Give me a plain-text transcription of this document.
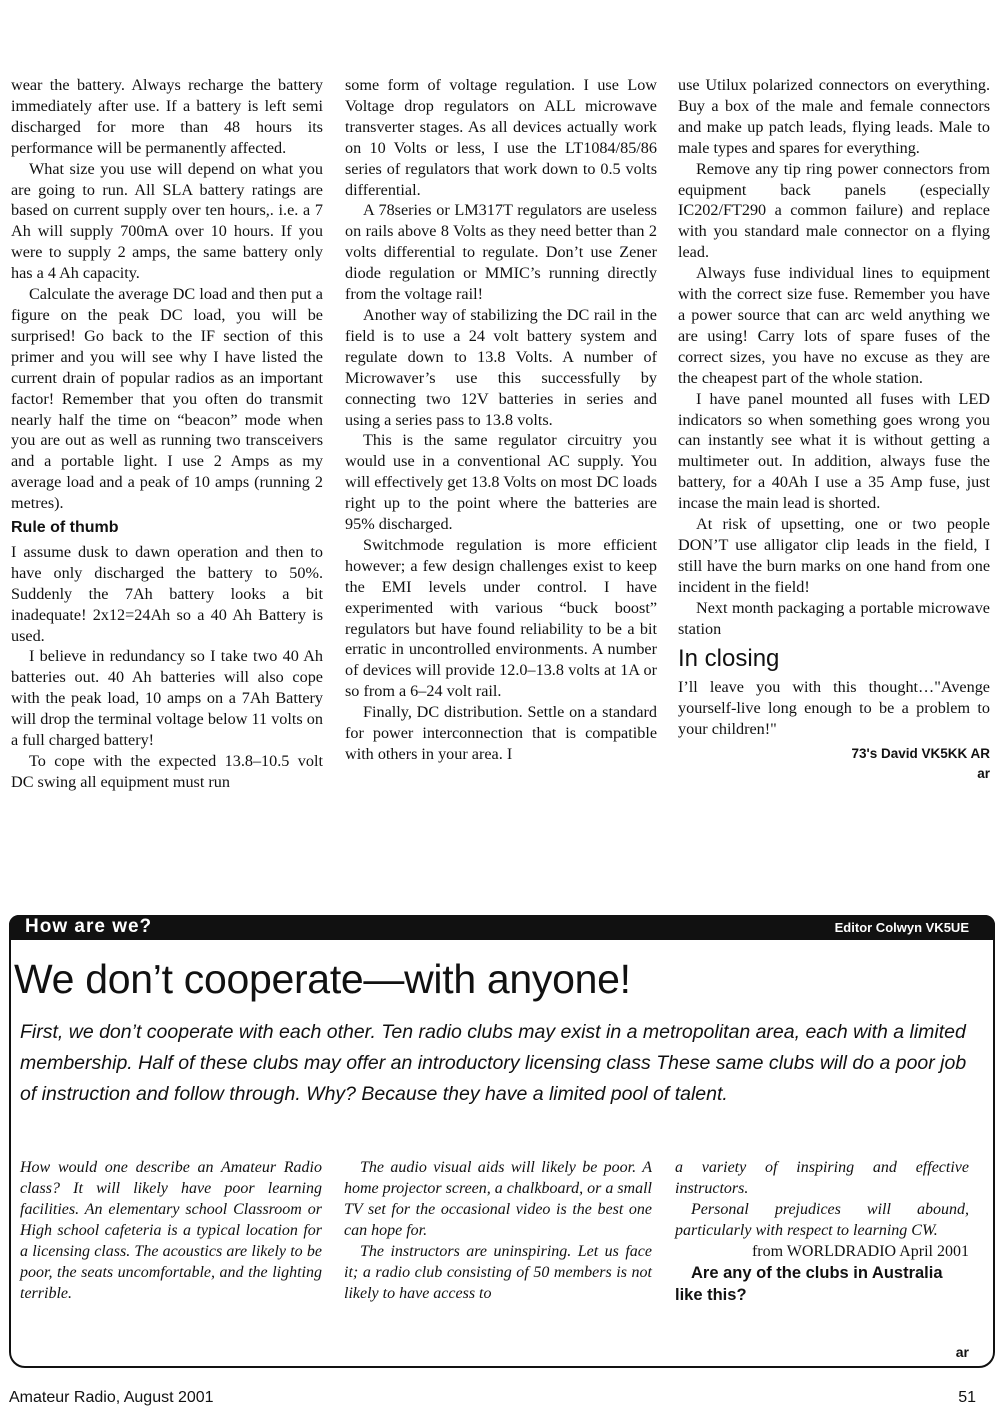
wear the battery. Always recharge the battery immediately after use. If a battery is left semi discharged for more than 48 hours its performance will be permanently affected.

What size you use will depend on what you are going to run. All SLA battery ratings are based on current supply over ten hours,. i.e. a 7 Ah will supply 700mA over 10 hours. If you were to supply 2 amps, the same battery only has a 4 Ah capacity.

Calculate the average DC load and then put a figure on the peak DC load, you will be surprised! Go back to the IF section of this primer and you will see why I have listed the current drain of popular radios as an important factor! Remember that you often do transmit nearly half the time on “beacon” mode when you are out as well as running two transceivers and a portable light. I use 2 Amps as my average load and a peak of 10 amps (running 2 metres).

Rule of thumb

I assume dusk to dawn operation and then to have only discharged the battery to 50%. Suddenly the 7Ah battery looks a bit inadequate! 2x12=24Ah so a 40 Ah Battery is used.

I believe in redundancy so I take two 40 Ah batteries out. 40 Ah batteries will also cope with the peak load, 10 amps on a 7Ah Battery will drop the terminal voltage below 11 volts on a full charged battery!

To cope with the expected 13.8–10.5 volt DC swing all equipment must run

some form of voltage regulation. I use Low Voltage drop regulators on ALL microwave transverter stages. As all devices actually work on 10 Volts or less, I use the LT1084/85/86 series of regulators that work down to 0.5 volts differential.

A 78series or LM317T regulators are useless on rails above 8 Volts as they need better than 2 volts differential to regulate. Don’t use Zener diode regulation or MMIC’s running directly from the voltage rail!

Another way of stabilizing the DC rail in the field is to use a 24 volt battery system and regulate down to 13.8 Volts. A number of Microwaver’s use this successfully by connecting two 12V batteries in series and using a series pass to 13.8 volts.

This is the same regulator circuitry you would use in a conventional AC supply. You will effectively get 13.8 Volts on most DC loads right up to the point where the batteries are 95% discharged.

Switchmode regulation is more efficient however; a few design challenges exist to keep the EMI levels under control. I have experimented with various “buck boost” regulators but have found reliability to be a bit erratic in uncontrolled environments. A number of devices will provide 12.0–13.8 volts at 1A or so from a 6–24 volt rail.

Finally, DC distribution. Settle on a standard for power interconnection that is compatible with others in your area. I

use Utilux polarized connectors on everything. Buy a box of the male and female connectors and make up patch leads, flying leads. Male to male types and spares for everything.

Remove any tip ring power connectors from equipment back panels (especially IC202/FT290 a common failure) and replace with you standard male connector on a flying lead.

Always fuse individual lines to equipment with the correct size fuse. Remember you have a power source that can arc weld anything we are using! Carry lots of spare fuses of the correct sizes, you have no excuse as they are the cheapest part of the whole station.

I have panel mounted all fuses with LED indicators so when something goes wrong you can instantly see what it is without getting a multimeter out. In addition, always fuse the battery, for a 40Ah I use a 35 Amp fuse, just incase the main lead is shorted.

At risk of upsetting, one or two people DON’T use alligator clip leads in the field, I still have the burn marks on one hand from one incident in the field!

Next month packaging a portable microwave station

In closing

I’ll leave you with this thought…"Avenge yourself-live long enough to be a problem to your children!"

73's David VK5KK AR
ar
How are we?	Editor Colwyn VK5UE
We don’t cooperate—with anyone!
First, we don’t cooperate with each other. Ten radio clubs may exist in a metropolitan area, each with a limited membership. Half of these clubs may offer an introductory licensing class These same clubs will do a poor job of instruction and follow through. Why? Because they have a limited pool of talent.

How would one describe an Amateur Radio class? It will likely have poor learning facilities. An elementary school Classroom or High school cafeteria is a typical location for a licensing class. The acoustics are likely to be poor, the seats uncomfortable, and the lighting terrible.

The audio visual aids will likely be poor. A home projector screen, a chalkboard, or a small TV set for the occasional video is the best one can hope for.

The instructors are uninspiring. Let us face it; a radio club consisting of 50 members is not likely to have access to

a variety of inspiring and effective instructors.

Personal prejudices will abound, particularly with respect to learning CW.

from WORLDRADIO April 2001

Are any of the clubs in Australia like this?

ar
Amateur Radio, August 2001	51
